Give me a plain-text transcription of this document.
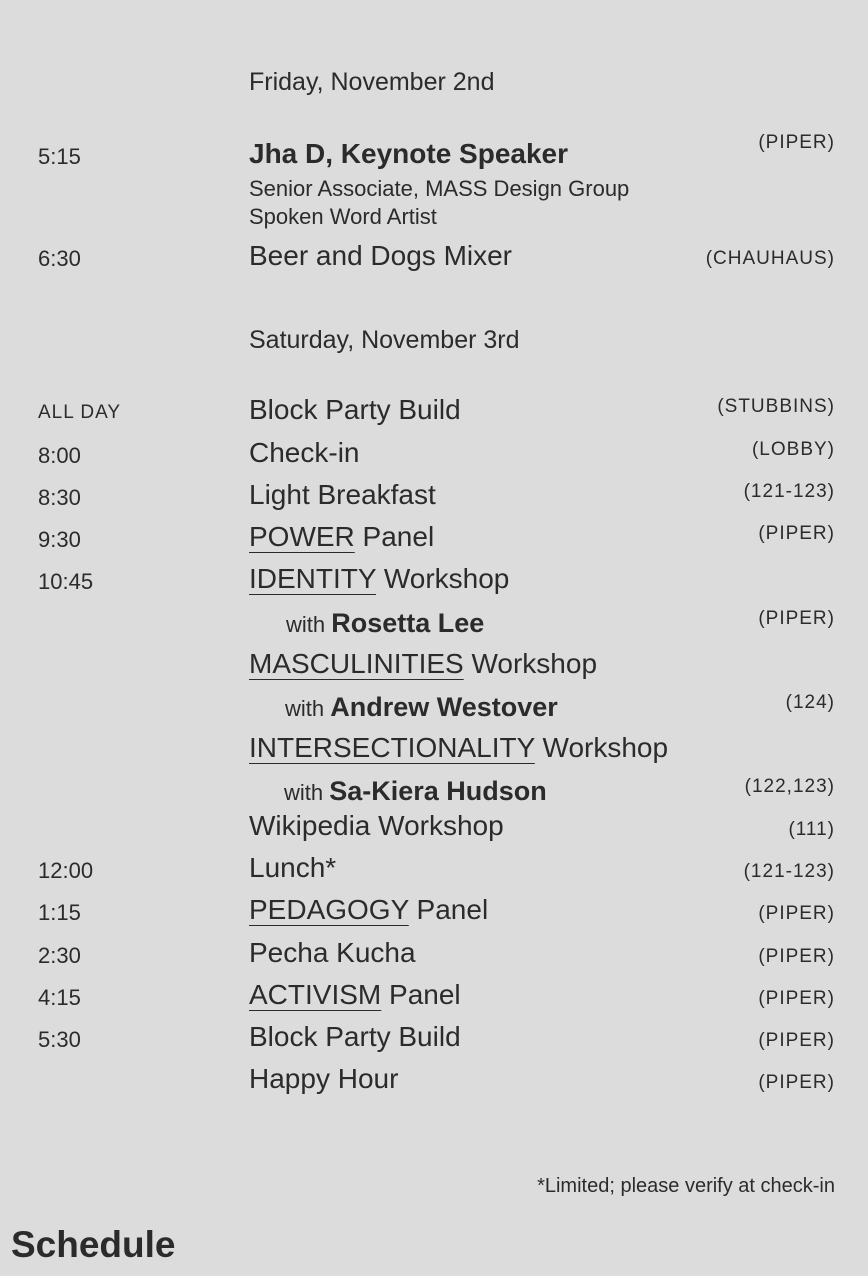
Friday, November 2nd
5:15	Jha D, Keynote Speaker	(PIPER)
Senior Associate, MASS Design Group
Spoken Word Artist
6:30	Beer and Dogs Mixer	(CHAUHAUS)
Saturday, November 3rd
ALL DAY	Block Party Build	(STUBBINS)
8:00	Check-in	(LOBBY)
8:30	Light Breakfast	(121-123)
9:30	POWER Panel	(PIPER)
10:45	IDENTITY Workshop
with Rosetta Lee	(PIPER)
MASCULINITIES Workshop
with Andrew Westover	(124)
INTERSECTIONALITY Workshop
with Sa-Kiera Hudson	(122,123)
Wikipedia Workshop	(111)
12:00	Lunch*	(121-123)
1:15	PEDAGOGY Panel	(PIPER)
2:30	Pecha Kucha	(PIPER)
4:15	ACTIVISM Panel	(PIPER)
5:30	Block Party Build	(PIPER)
Happy Hour	(PIPER)
*Limited; please verify at check-in
Schedule
